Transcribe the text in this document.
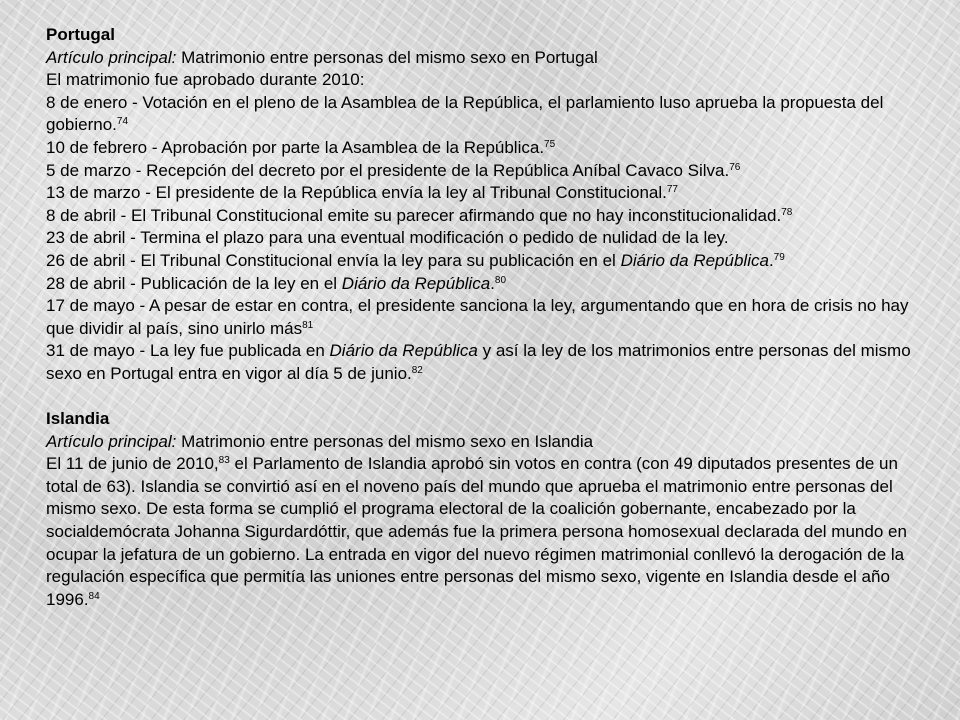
Portugal

Artículo principal: Matrimonio entre personas del mismo sexo en Portugal

El matrimonio fue aprobado durante 2010:

8 de enero - Votación en el pleno de la Asamblea de la República, el parlamiento luso aprueba la propuesta del gobierno.$^{74}$

10 de febrero - Aprobación por parte la Asamblea de la República.$^{75}$

5 de marzo - Recepción del decreto por el presidente de la República Aníbal Cavaco Silva.$^{76}$

13 de marzo - El presidente de la República envía la ley al Tribunal Constitucional.$^{77}$

8 de abril - El Tribunal Constitucional emite su parecer afirmando que no hay inconstitucionalidad.$^{78}$

23 de abril - Termina el plazo para una eventual modificación o pedido de nulidad de la ley.

26 de abril - El Tribunal Constitucional envía la ley para su publicación en el Diário da República.$^{79}$

28 de abril - Publicación de la ley en el Diário da República.$^{80}$

17 de mayo - A pesar de estar en contra, el presidente sanciona la ley, argumentando que en hora de crisis no hay que dividir al país, sino unirlo más$^{81}$

31 de mayo - La ley fue publicada en Diário da República y así la ley de los matrimonios entre personas del mismo sexo en Portugal entra en vigor al día 5 de junio.$^{82}$

Islandia

Artículo principal: Matrimonio entre personas del mismo sexo en Islandia

El 11 de junio de 2010,83 el Parlamento de Islandia aprobó sin votos en contra (con 49 diputados presentes de un total de 63). Islandia se convirtió así en el noveno país del mundo que aprueba el matrimonio entre personas del mismo sexo. De esta forma se cumplió el programa electoral de la coalición gobernante, encabezado por la socialdemócrata Johanna Sigurdardóttir, que además fue la primera persona homosexual declarada del mundo en ocupar la jefatura de un gobierno. La entrada en vigor del nuevo régimen matrimonial conllevó la derogación de la regulación específica que permitía las uniones entre personas del mismo sexo, vigente en Islandia desde el año 1996.84
